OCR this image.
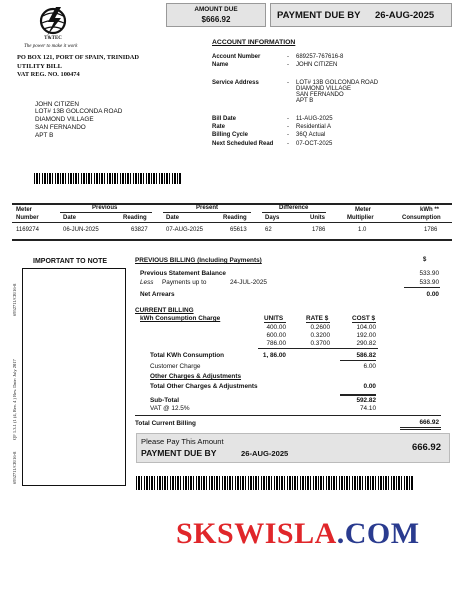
T&TEC
The power to make it work
PO BOX 121, PORT OF SPAIN, TRINIDAD
UTILITY BILL
VAT REG. NO. 100474
AMOUNT DUE
$666.92	PAYMENT DUE BY 26-AUG-2025
ACCOUNT INFORMATION
Account Number	- 689257-767616-8
Name	- JOHN CITIZEN
Service Address	- LOT# 13B GOLCONDA ROAD
DIAMOND VILLAGE
SAN FERNANDO
APT B
Bill Date	- 11-AUG-2025
Rate	- Residential A
Billing Cycle	- 36Q Actual
Next Scheduled Read - 07-OCT-2025
JOHN CITIZEN
LOT# 13B GOLCONDA ROAD
DIAMOND VILLAGE
SAN FERNANDO
APT B
Meter	Previous	Present	Difference	Meter	kWh **
Number	Date	Reading	Date	Reading	Days	Units	Multiplier	Consumption
1169274	06-JUN-2025	63827	07-AUG-2025	65613	62	1786	1.0	1786
IMPORTANT TO NOTE
6952711/CR/16-8
QF 1.3.1 (1 (4, Rev. 4 ) Rev. Date: July 2017
6952711/CR/16-8
PREVIOUS BILLING (Including Payments)	$
Previous Statement Balance	533.90
Less Payments up to	24-JUL-2025	533.90
Net Arrears	0.00
CURRENT BILLING
kWh Consumption Charge	UNITS	RATE $	COST $
400.00	0.2600	104.00
600.00	0.3200	192.00
786.00	0.3700	290.82
Total KWh Consumption	1, 86.00	586.82
Customer Charge	6.00
Other Charges & Adjustments
Total Other Charges & Adjustments	0.00
Sub-Total	592.82
VAT @ 12.5%	74.10
Total Current Billing	666.92
Please Pay This Amount
PAYMENT DUE BY	26-AUG-2025
666.92
SKSWISLA.COM
